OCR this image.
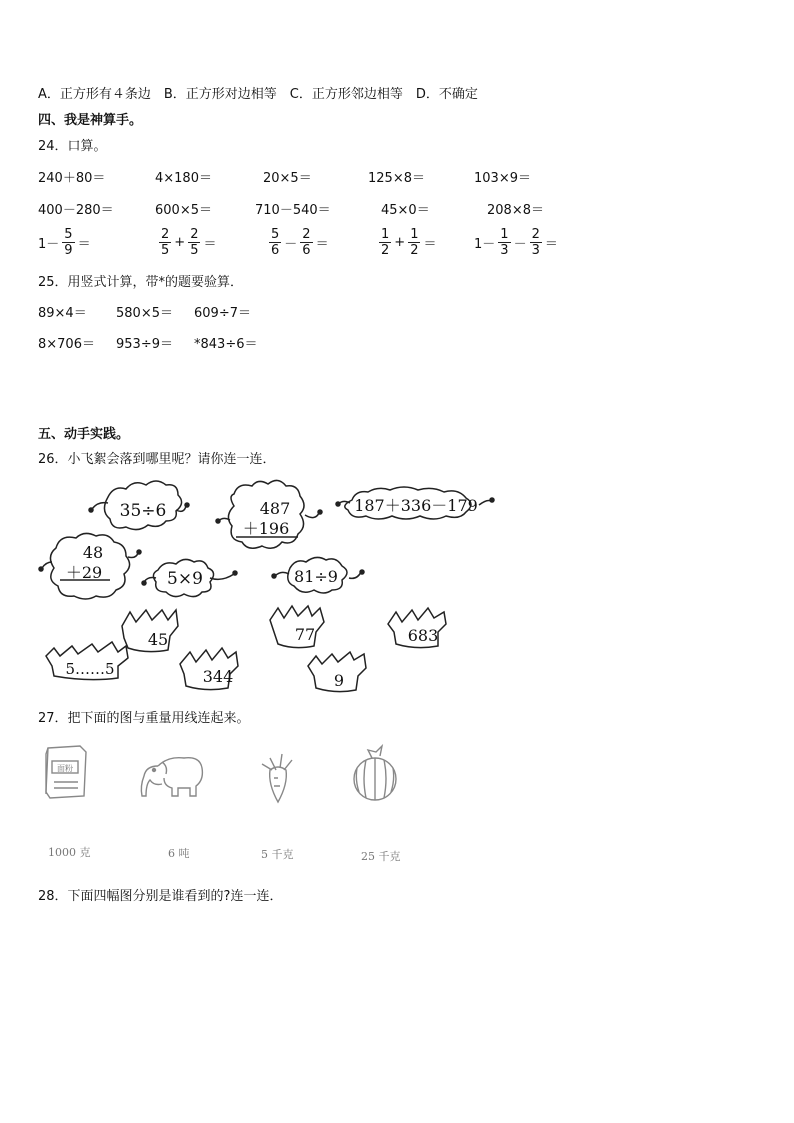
A．正方形有４条边　B．正方形对边相等　C．正方形邻边相等　D．不确定
四、我是神算手。
24．口算。
240＋80＝	4×180＝	20×5＝	125×8＝	103×9＝
400－280＝	600×5＝	710－540＝	45×0＝	208×8＝
$1- \frac{5}{9}$ ＝	$\frac{2}{5} + \frac{2}{5}$ ＝	$\frac{5}{6} - \frac{2}{6}$ ＝	$\frac{1}{2} + \frac{1}{2}$ ＝	$1- \frac{1}{3} - \frac{2}{3}$ ＝
25．用竖式计算，带*的题要验算．
89×4＝ 580×5＝ 609÷7＝
8×706＝ 953÷9＝ *843÷6＝
五、动手实践。
26．小飞絮会落到哪里呢？请你连一连．
35÷6	487
＋196
187＋336－179
48
＋29	5×9	81÷9
45	77	683
5……5	344	9
27．把下面的图与重量用线连起来。
面粉
1000 克	6 吨	5 千克	25 千克
28．下面四幅图分别是谁看到的?连一连．
